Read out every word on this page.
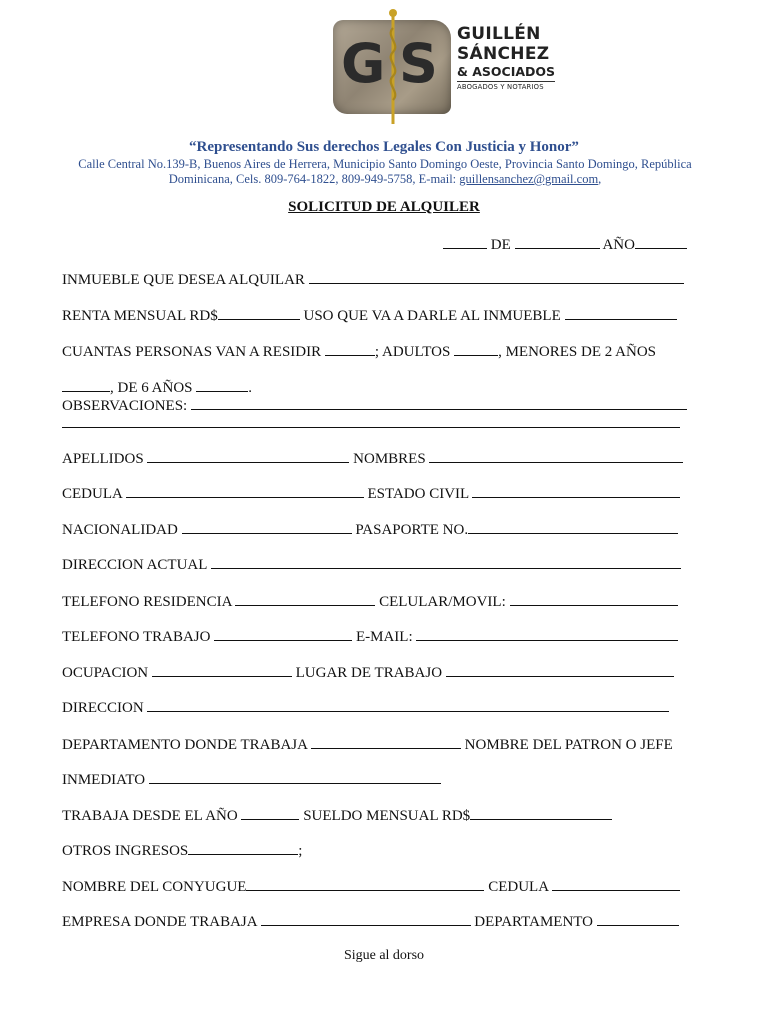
G S GUILLÉN
SÁNCHEZ
& ASOCIADOS
ABOGADOS Y NOTARIOS
“Representando Sus derechos Legales Con Justicia y Honor”
Calle Central No.139-B, Buenos Aires de Herrera, Municipio Santo Domingo Oeste, Provincia Santo Domingo, República
Dominicana, Cels. 809-764-1822, 809-949-5758, E-mail: guillensanchez@gmail.com,
SOLICITUD DE ALQUILER
DE	AÑO
INMUEBLE QUE DESEA ALQUILAR
RENTA MENSUAL RD$	USO QUE VA A DARLE AL INMUEBLE
CUANTAS PERSONAS VAN A RESIDIR	; ADULTOS	, MENORES DE 2 AÑOS
, DE 6 AÑOS	.
OBSERVACIONES:
APELLIDOS	NOMBRES
CEDULA	ESTADO CIVIL
NACIONALIDAD	PASAPORTE NO.
DIRECCION ACTUAL
TELEFONO RESIDENCIA	CELULAR/MOVIL:
TELEFONO TRABAJO	E-MAIL:
OCUPACION	LUGAR DE TRABAJO
DIRECCION
DEPARTAMENTO DONDE TRABAJA	NOMBRE DEL PATRON O JEFE
INMEDIATO
TRABAJA DESDE EL AÑO	SUELDO MENSUAL RD$
OTROS INGRESOS	;
NOMBRE DEL CONYUGUE	CEDULA
EMPRESA DONDE TRABAJA	DEPARTAMENTO
Sigue al dorso
